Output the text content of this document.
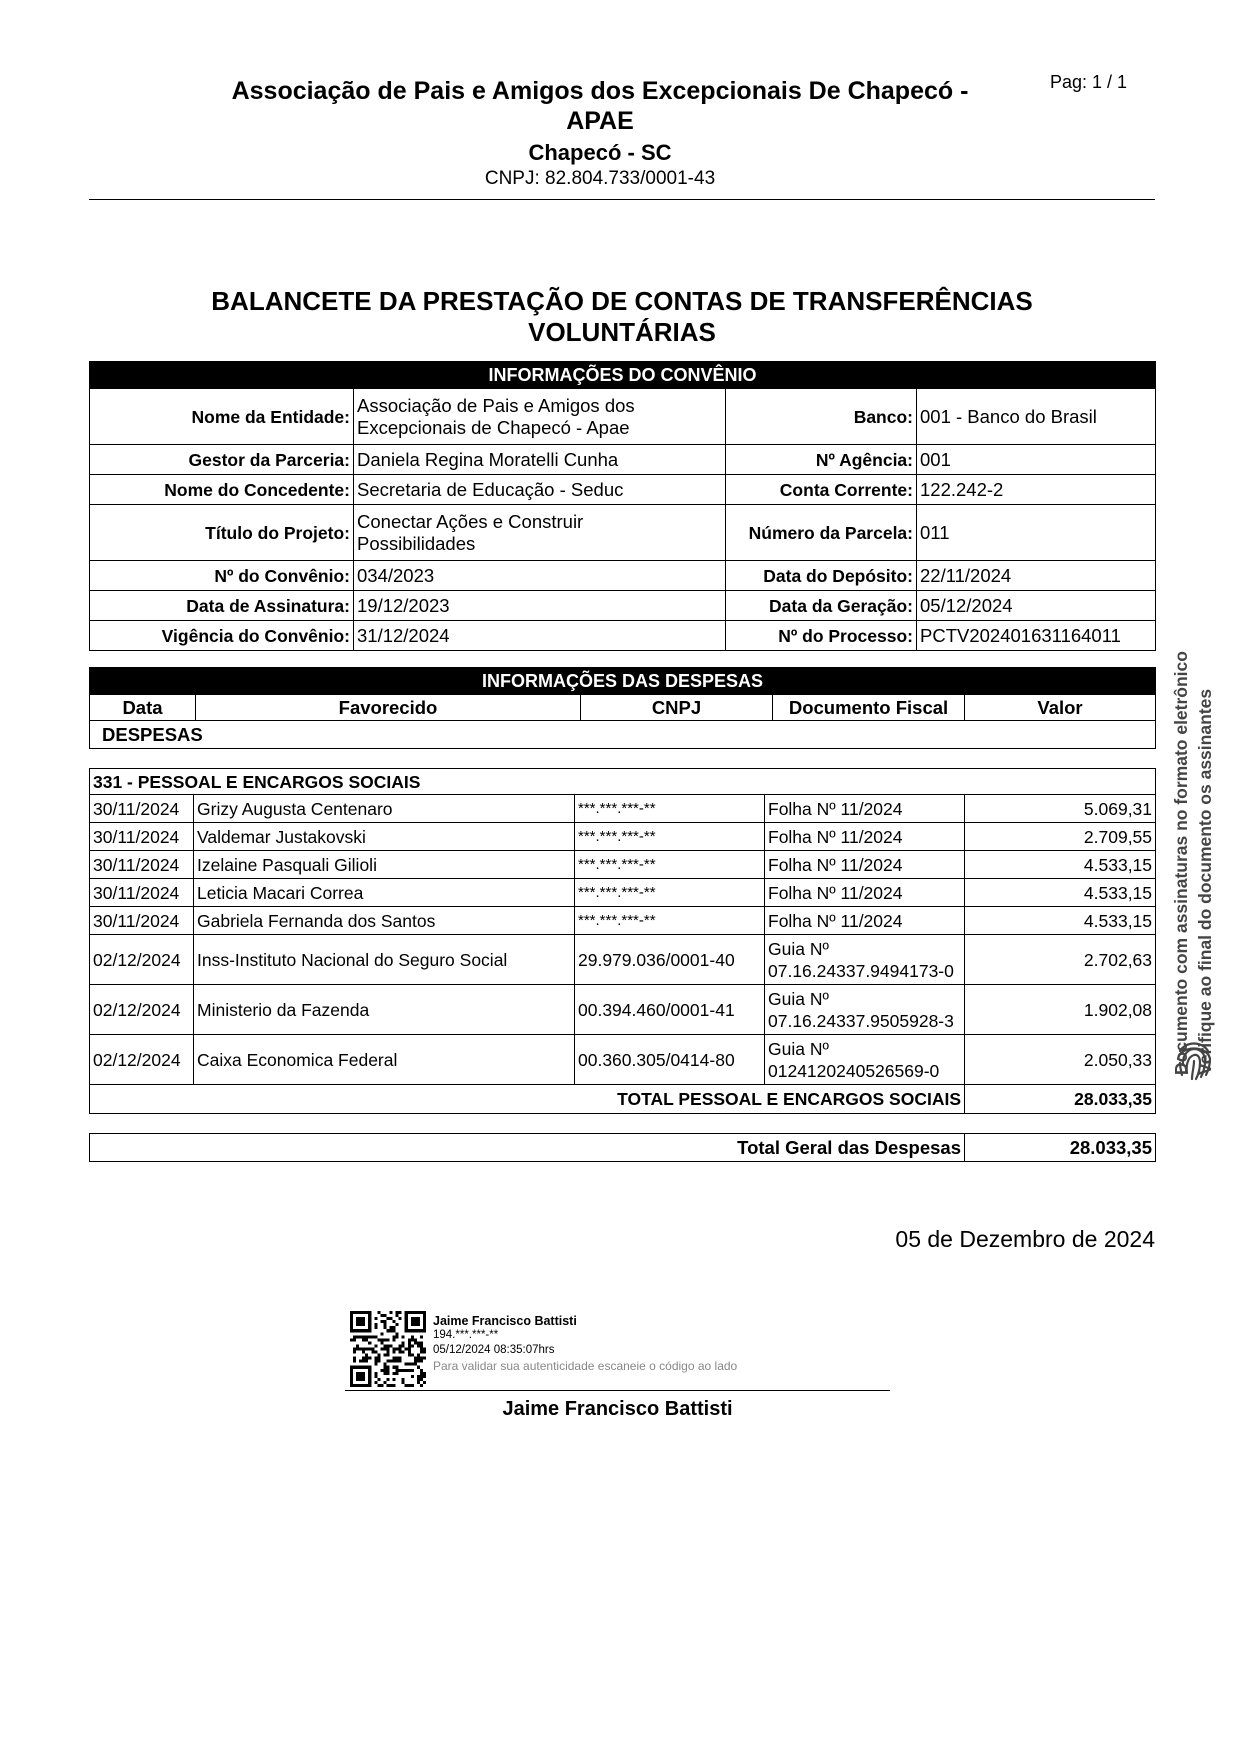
Associação de Pais e Amigos dos Excepcionais De Chapecó -
APAE
Chapecó - SC
CNPJ: 82.804.733/0001-43
Pag: 1 / 1
BALANCETE DA PRESTAÇÃO DE CONTAS DE TRANSFERÊNCIAS
VOLUNTÁRIAS
INFORMAÇÕES DO CONVÊNIO			
Nome da Entidade:	Associação de Pais e Amigos dos
Excepcionais de Chapecó - Apae	Banco:	001 - Banco do Brasil
Gestor da Parceria:	Daniela Regina Moratelli Cunha	Nº Agência:	001
Nome do Concedente:	Secretaria de Educação - Seduc	Conta Corrente:	122.242-2
Título do Projeto:	Conectar Ações e Construir
Possibilidades	Número da Parcela:	011
Nº do Convênio:	034/2023	Data do Depósito:	22/11/2024
Data de Assinatura:	19/12/2023	Data da Geração:	05/12/2024
Vigência do Convênio:	31/12/2024	Nº do Processo:	PCTV202401631164011
INFORMAÇÕES DAS DESPESAS
Data	Favorecido	CNPJ	Documento Fiscal	Valor
DESPESAS
331 - PESSOAL E ENCARGOS SOCIAIS				
30/11/2024	Grizy Augusta Centenaro	***.***.***-**	Folha Nº 11/2024	5.069,31
30/11/2024	Valdemar Justakovski	***.***.***-**	Folha Nº 11/2024	2.709,55
30/11/2024	Izelaine Pasquali Gilioli	***.***.***-**	Folha Nº 11/2024	4.533,15
30/11/2024	Leticia Macari Correa	***.***.***-**	Folha Nº 11/2024	4.533,15
30/11/2024	Gabriela Fernanda dos Santos	***.***.***-**	Folha Nº 11/2024	4.533,15
02/12/2024	Inss-Instituto Nacional do Seguro Social	29.979.036/0001-40	Guia Nº
07.16.24337.9494173-0	2.702,63
02/12/2024	Ministerio da Fazenda	00.394.460/0001-41	Guia Nº
07.16.24337.9505928-3	1.902,08
02/12/2024	Caixa Economica Federal	00.360.305/0414-80	Guia Nº
0124120240526569-0	2.050,33
TOTAL PESSOAL E ENCARGOS SOCIAIS				28.033,35
Total Geral das Despesas	28.033,35
05 de Dezembro de 2024
Jaime Francisco Battisti
194.***.***-**
05/12/2024 08:35:07hrs
Para validar sua autenticidade escaneie o código ao lado
Jaime Francisco Battisti
Documento com assinaturas no formato eletrônico Verifique ao final do documento os assinantes
